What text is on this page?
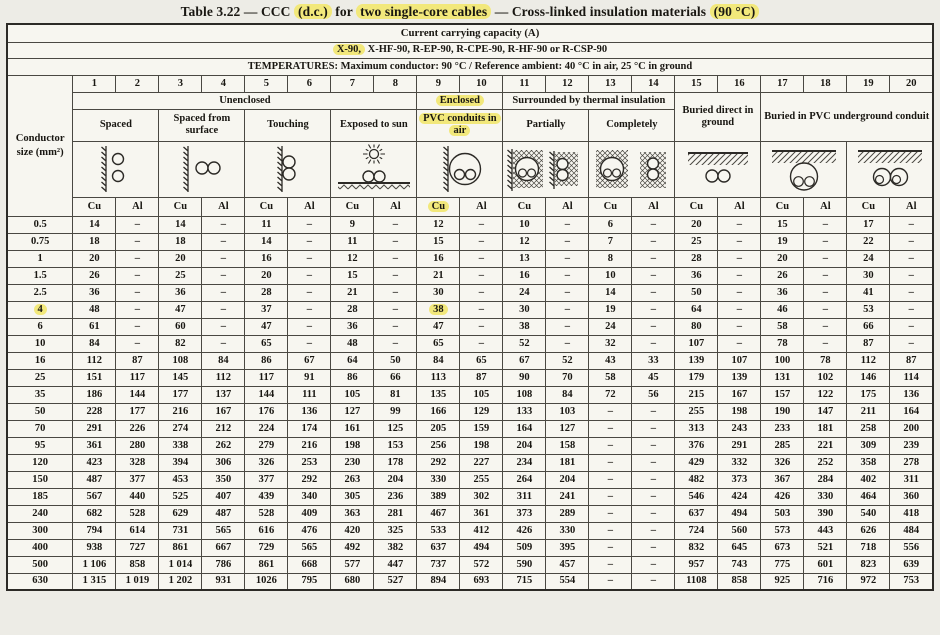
Table 3.22 — CCC (d.c.) for two single-core cables — Cross-linked insulation materials (90 °C)
Current carrying capacity (A)																				
X-90, X-HF-90, R-EP-90, R-CPE-90, R-HF-90 or R-CSP-90																				
TEMPERATURES: Maximum conductor: 90 °C / Reference ambient: 40 °C in air, 25 °C in ground																				
Conductor size (mm²)	1	2	3	4	5	6	7	8	9	10	11	12	13	14	15	16	17	18	19	20
	Unenclosed								Enclosed		Surrounded by thermal insulation				Buried direct in ground		Buried in PVC underground conduit			
	Spaced		Spaced from surface		Touching		Exposed to sun		PVC conduits in air		Partially		Completely							

	Cu	Al	Cu	Al	Cu	Al	Cu	Al	Cu	Al	Cu	Al	Cu	Al	Cu	Al	Cu	Al	Cu	Al
0.5	14	–	14	–	11	–	9	–	12	–	10	–	6	–	20	–	15	–	17	–
0.75	18	–	18	–	14	–	11	–	15	–	12	–	7	–	25	–	19	–	22	–
1	20	–	20	–	16	–	12	–	16	–	13	–	8	–	28	–	20	–	24	–
1.5	26	–	25	–	20	–	15	–	21	–	16	–	10	–	36	–	26	–	30	–
2.5	36	–	36	–	28	–	21	–	30	–	24	–	14	–	50	–	36	–	41	–
4	48	–	47	–	37	–	28	–	38	–	30	–	19	–	64	–	46	–	53	–
6	61	–	60	–	47	–	36	–	47	–	38	–	24	–	80	–	58	–	66	–
10	84	–	82	–	65	–	48	–	65	–	52	–	32	–	107	–	78	–	87	–
16	112	87	108	84	86	67	64	50	84	65	67	52	43	33	139	107	100	78	112	87
25	151	117	145	112	117	91	86	66	113	87	90	70	58	45	179	139	131	102	146	114
35	186	144	177	137	144	111	105	81	135	105	108	84	72	56	215	167	157	122	175	136
50	228	177	216	167	176	136	127	99	166	129	133	103	–	–	255	198	190	147	211	164
70	291	226	274	212	224	174	161	125	205	159	164	127	–	–	313	243	233	181	258	200
95	361	280	338	262	279	216	198	153	256	198	204	158	–	–	376	291	285	221	309	239
120	423	328	394	306	326	253	230	178	292	227	234	181	–	–	429	332	326	252	358	278
150	487	377	453	350	377	292	263	204	330	255	264	204	–	–	482	373	367	284	402	311
185	567	440	525	407	439	340	305	236	389	302	311	241	–	–	546	424	426	330	464	360
240	682	528	629	487	528	409	363	281	467	361	373	289	–	–	637	494	503	390	540	418
300	794	614	731	565	616	476	420	325	533	412	426	330	–	–	724	560	573	443	626	484
400	938	727	861	667	729	565	492	382	637	494	509	395	–	–	832	645	673	521	718	556
500	1 106	858	1 014	786	861	668	577	447	737	572	590	457	–	–	957	743	775	601	823	639
630	1 315	1 019	1 202	931	1026	795	680	527	894	693	715	554	–	–	1108	858	925	716	972	753
